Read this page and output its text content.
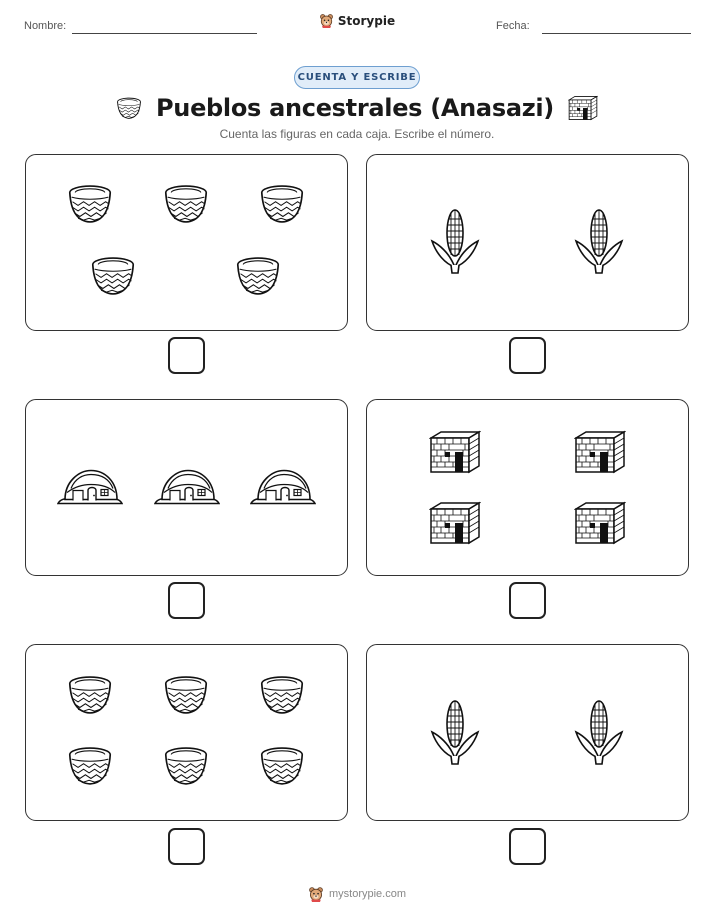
Nombre:	Fecha:
Storypie
CUENTA Y ESCRIBE
Pueblos ancestrales (Anasazi)
Cuenta las figuras en cada caja. Escribe el número.
mystorypie.com
